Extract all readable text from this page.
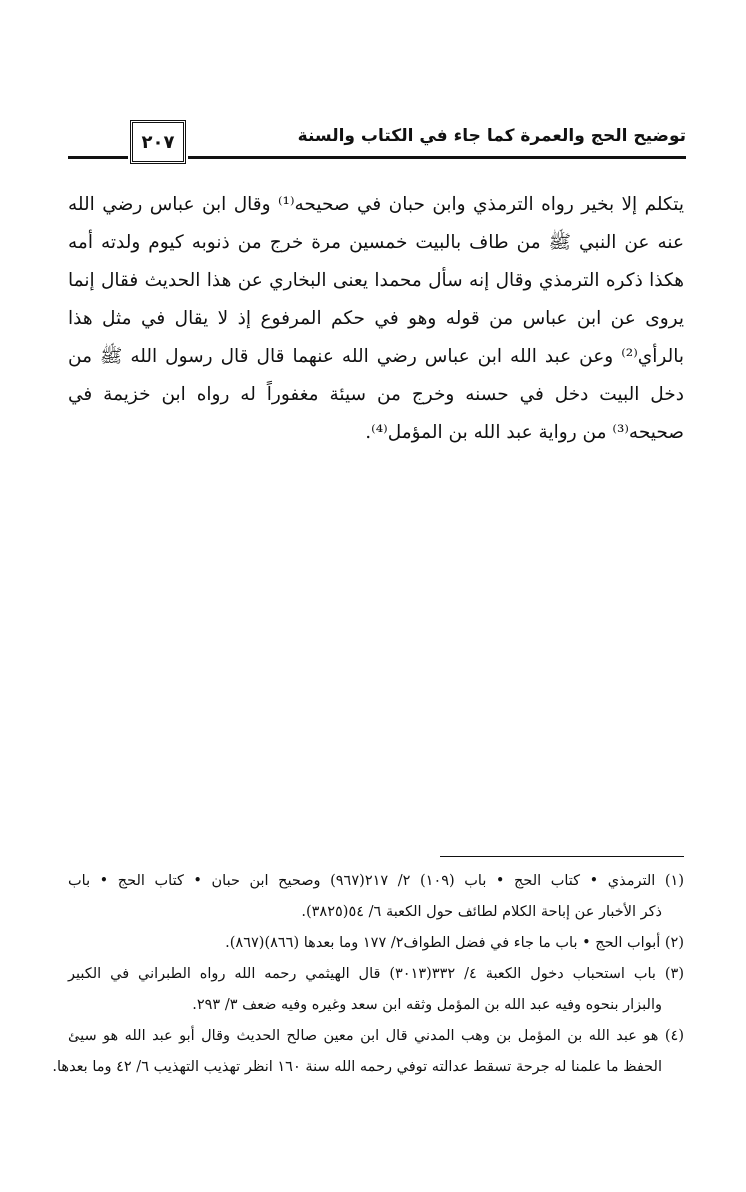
٢٠٧	توضيح الحج والعمرة كما جاء في الكتاب والسنة
يتكلم إلا بخير رواه الترمذي وابن حبان في صحيحه⁽¹⁾ وقال ابن عباس رضي الله
عنه عن النبي ﷺ من طاف بالبيت خمسين مرة خرج من ذنوبه كيوم ولدته أمه
هكذا ذكره الترمذي وقال إنه سأل محمدا يعنى البخاري عن هذا الحديث فقال إنما
يروى عن ابن عباس من قوله وهو في حكم المرفوع إذ لا يقال في مثل هذا
بالرأي⁽²⁾ وعن عبد الله ابن عباس رضي الله عنهما قال قال رسول الله ﷺ من
دخل البيت دخل في حسنه وخرج من سيئة مغفوراً له رواه ابن خزيمة في
صحيحه⁽³⁾ من رواية عبد الله بن المؤمل⁽⁴⁾.
(١) الترمذي • كتاب الحج • باب (١٠٩) ٢/ ٢١٧(٩٦٧) وصحيح ابن حبان • كتاب الحج • باب
ذكر الأخبار عن إباحة الكلام لطائف حول الكعبة ٦/ ٥٤(٣٨٢٥).
(٢) أبواب الحج • باب ما جاء في فضل الطواف٢/ ١٧٧ وما بعدها (٨٦٦)(٨٦٧).
(٣) باب استحباب دخول الكعبة ٤/ ٣٣٢(٣٠١٣) قال الهيثمي رحمه الله رواه الطبراني في الكبير
والبزار بنحوه وفيه عبد الله بن المؤمل وثقه ابن سعد وغيره وفيه ضعف ٣/ ٢٩٣.
(٤) هو عبد الله بن المؤمل بن وهب المدني قال ابن معين صالح الحديث وقال أبو عبد الله هو سيئ
الحفظ ما علمنا له جرحة تسقط عدالته توفي رحمه الله سنة ١٦٠ انظر تهذيب التهذيب ٦/ ٤٢ وما بعدها.
